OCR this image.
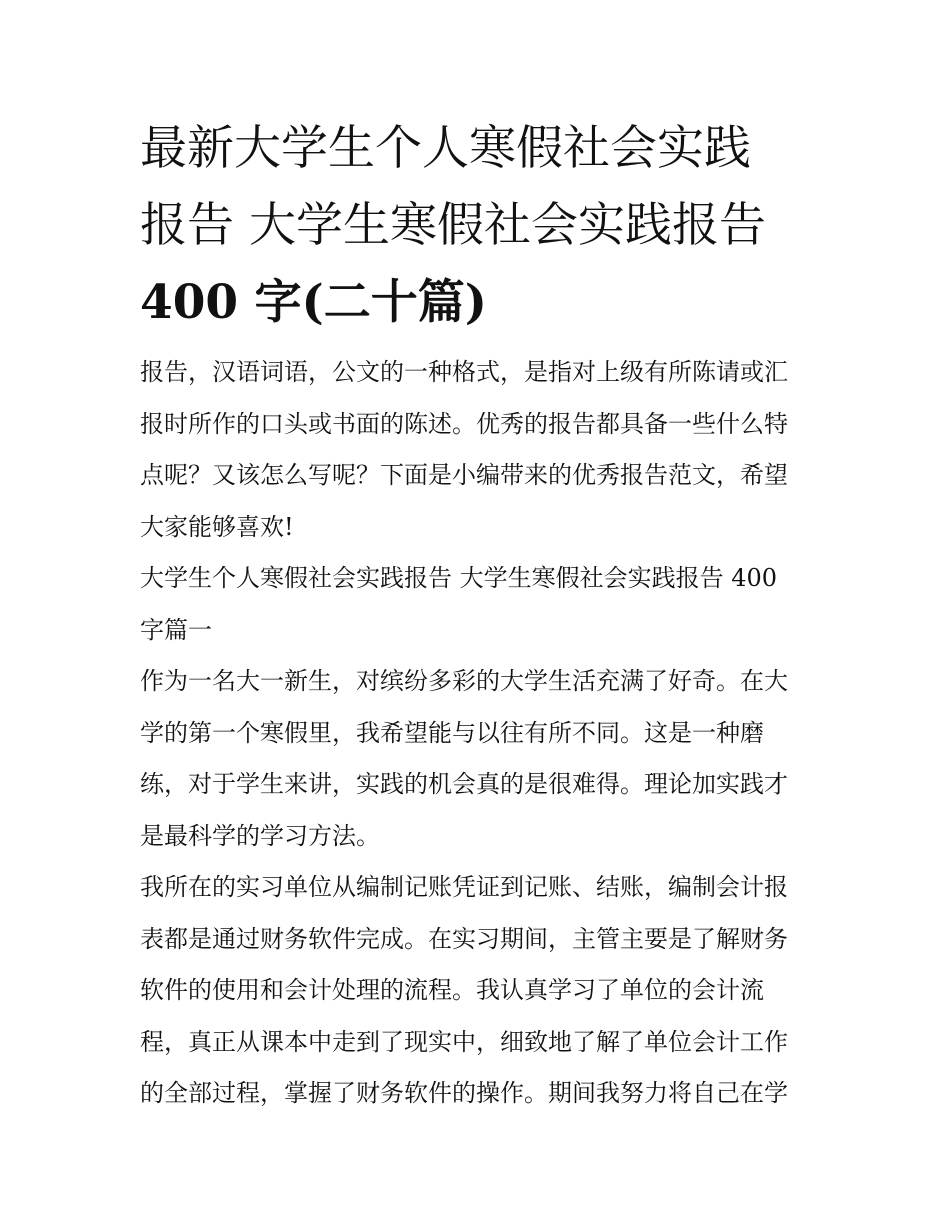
最新大学生个人寒假社会实践
报告 大学生寒假社会实践报告
400 字(二十篇)
报告，汉语词语，公文的一种格式，是指对上级有所陈请或汇
报时所作的口头或书面的陈述。优秀的报告都具备一些什么特
点呢？又该怎么写呢？下面是小编带来的优秀报告范文，希望
大家能够喜欢!
大学生个人寒假社会实践报告 大学生寒假社会实践报告 400
字篇一
作为一名大一新生，对缤纷多彩的大学生活充满了好奇。在大
学的第一个寒假里，我希望能与以往有所不同。这是一种磨
练，对于学生来讲，实践的机会真的是很难得。理论加实践才
是最科学的学习方法。
我所在的实习单位从编制记账凭证到记账、结账，编制会计报
表都是通过财务软件完成。在实习期间，主管主要是了解财务
软件的使用和会计处理的流程。我认真学习了单位的会计流
程，真正从课本中走到了现实中，细致地了解了单位会计工作
的全部过程，掌握了财务软件的操作。期间我努力将自己在学
